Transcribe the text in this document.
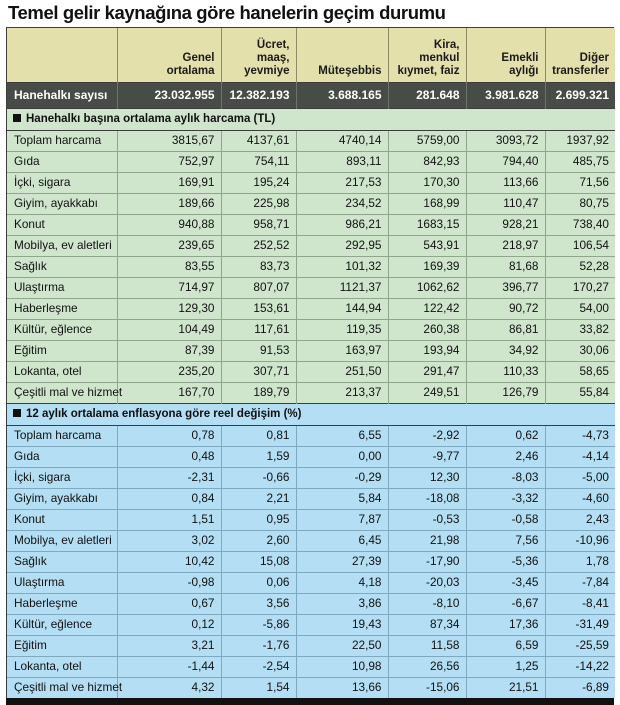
Temel gelir kaynağına göre hanelerin geçim durumu
	Genel
ortalama	Ücret,
maaş,
yevmiye	Müteşebbis	Kira,
menkul
kıymet, faiz	Emekli
aylığı	Diğer
transferler
Hanehalkı sayısı	23.032.955	12.382.193	3.688.165	281.648	3.981.628	2.699.321
Hanehalkı başına ortalama aylık harcama (TL)						
Toplam harcama	3815,67	4137,61	4740,14	5759,00	3093,72	1937,92
Gıda	752,97	754,11	893,11	842,93	794,40	485,75
İçki, sigara	169,91	195,24	217,53	170,30	113,66	71,56
Giyim, ayakkabı	189,66	225,98	234,52	168,99	110,47	80,75
Konut	940,88	958,71	986,21	1683,15	928,21	738,40
Mobilya, ev aletleri	239,65	252,52	292,95	543,91	218,97	106,54
Sağlık	83,55	83,73	101,32	169,39	81,68	52,28
Ulaştırma	714,97	807,07	1121,37	1062,62	396,77	170,27
Haberleşme	129,30	153,61	144,94	122,42	90,72	54,00
Kültür, eğlence	104,49	117,61	119,35	260,38	86,81	33,82
Eğitim	87,39	91,53	163,97	193,94	34,92	30,06
Lokanta, otel	235,20	307,71	251,50	291,47	110,33	58,65
Çeşitli mal ve hizmet	167,70	189,79	213,37	249,51	126,79	55,84
12 aylık ortalama enflasyona göre reel değişim (%)						
Toplam harcama	0,78	0,81	6,55	-2,92	0,62	-4,73
Gıda	0,48	1,59	0,00	-9,77	2,46	-4,14
İçki, sigara	-2,31	-0,66	-0,29	12,30	-8,03	-5,00
Giyim, ayakkabı	0,84	2,21	5,84	-18,08	-3,32	-4,60
Konut	1,51	0,95	7,87	-0,53	-0,58	2,43
Mobilya, ev aletleri	3,02	2,60	6,45	21,98	7,56	-10,96
Sağlık	10,42	15,08	27,39	-17,90	-5,36	1,78
Ulaştırma	-0,98	0,06	4,18	-20,03	-3,45	-7,84
Haberleşme	0,67	3,56	3,86	-8,10	-6,67	-8,41
Kültür, eğlence	0,12	-5,86	19,43	87,34	17,36	-31,49
Eğitim	3,21	-1,76	22,50	11,58	6,59	-25,59
Lokanta, otel	-1,44	-2,54	10,98	26,56	1,25	-14,22
Çeşitli mal ve hizmet	4,32	1,54	13,66	-15,06	21,51	-6,89
